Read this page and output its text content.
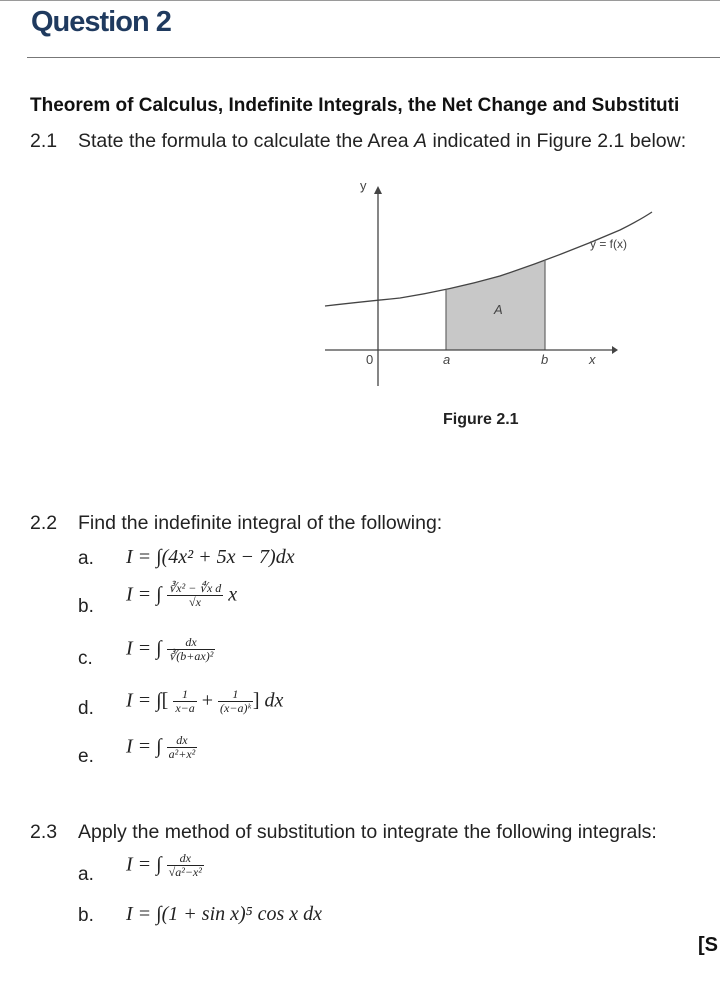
Question 2
Theorem of Calculus, Indefinite Integrals, the Net Change and Substituti
2.1 State the formula to calculate the Area A indicated in Figure 2.1 below:
y
0	a	b	x
A
y = f(x)
Figure 2.1
2.2 Find the indefinite integral of the following:
a. I = ∫(4x² + 5x − 7)dx
b.
I = ∫ $\frac{\text{∛x² − ∜x d}}{√x}$ x
c. I = ∫ $\frac{dx}{\text{∛(b+ax)²}}$
d. I = ∫[ $\frac{1}{x-a} + \frac{1}{\text{(x−a)ᵏ}}$ ] dx
e. I = ∫ $\frac{dx}{\text{a²+x²}}$
2.3 Apply the method of substitution to integrate the following integrals:
a. I = ∫ $\frac{dx}{\text{√a²−x²}}$
b. I = ∫(1 + sin x)⁵ cos x dx
[S
